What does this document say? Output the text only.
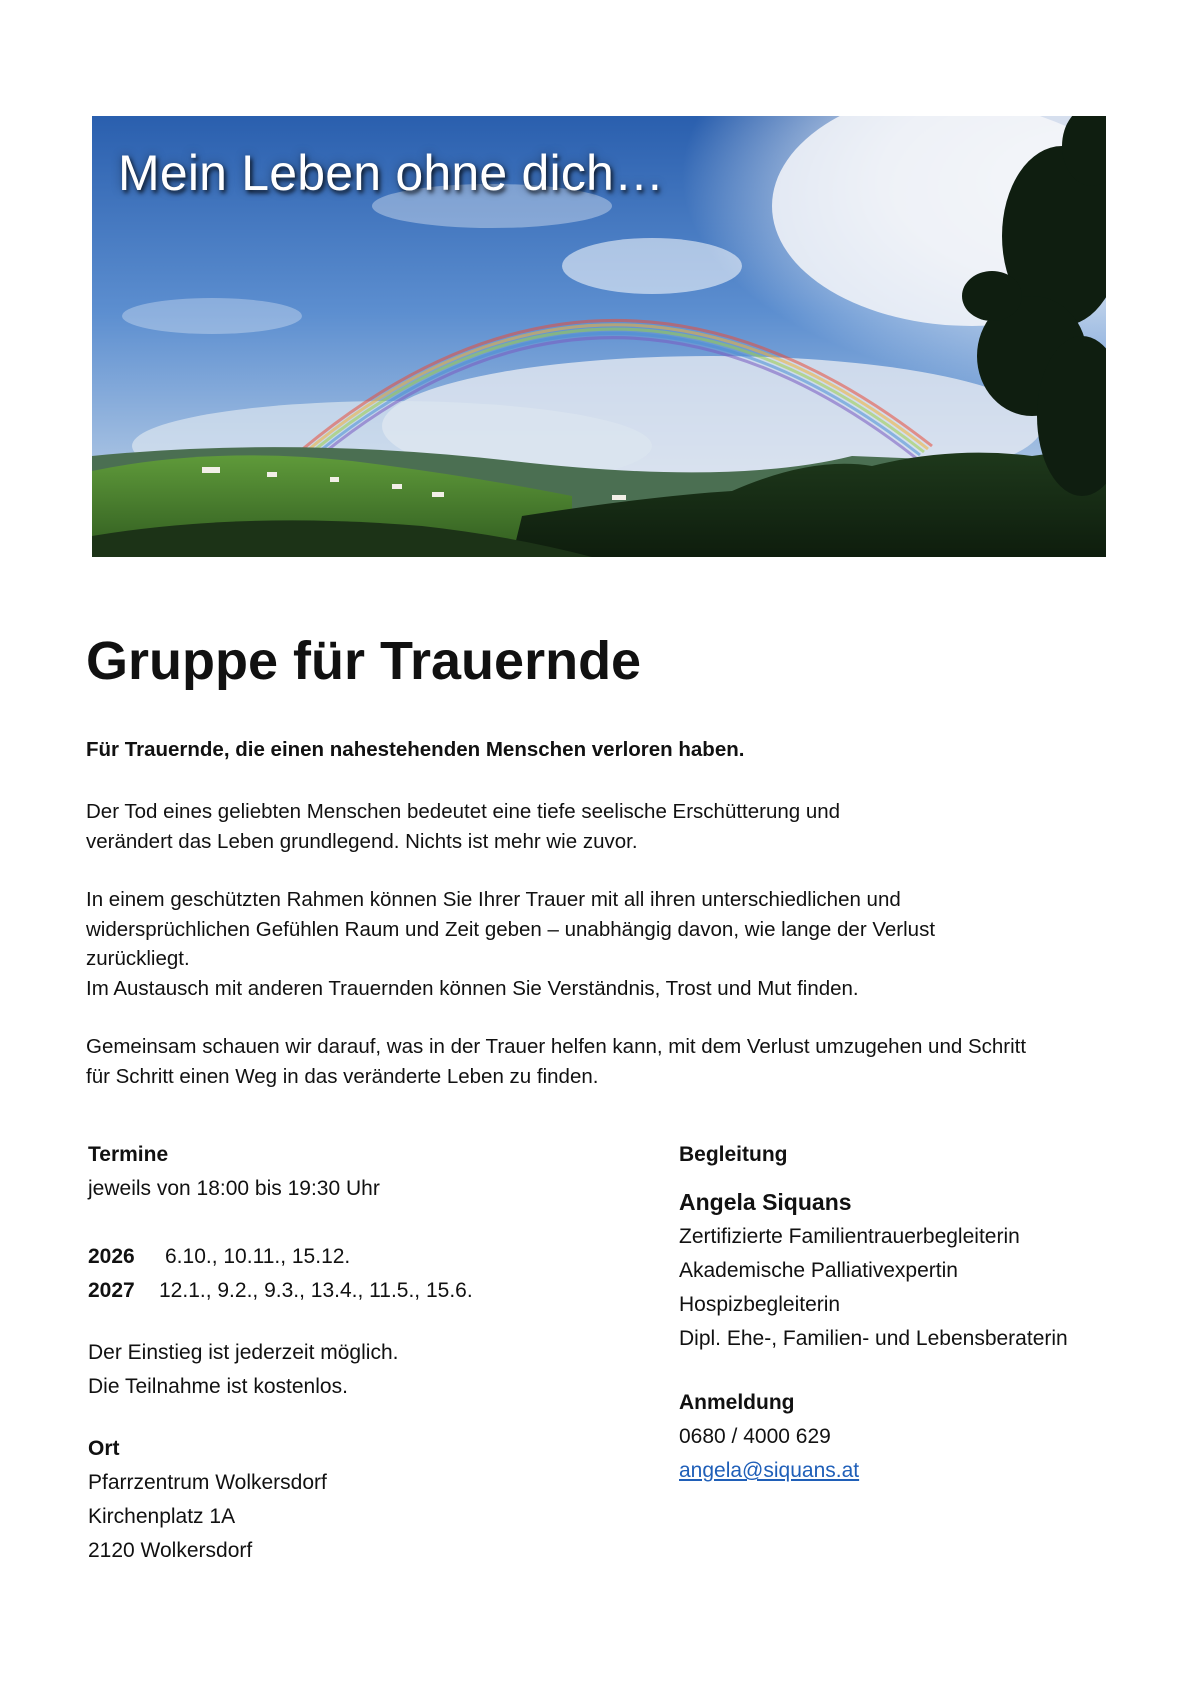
Mein Leben ohne dich…
Gruppe für Trauernde

Für Trauernde, die einen nahestehenden Menschen verloren haben.

Der Tod eines geliebten Menschen bedeutet eine tiefe seelische Erschütterung und
verändert das Leben grundlegend. Nichts ist mehr wie zuvor.

In einem geschützten Rahmen können Sie Ihrer Trauer mit all ihren unterschiedlichen und
widersprüchlichen Gefühlen Raum und Zeit geben – unabhängig davon, wie lange der Verlust
zurückliegt.
Im Austausch mit anderen Trauernden können Sie Verständnis, Trost und Mut finden.

Gemeinsam schauen wir darauf, was in der Trauer helfen kann, mit dem Verlust umzugehen und Schritt
für Schritt einen Weg in das veränderte Leben zu finden.

Termine
jeweils von 18:00 bis 19:30 Uhr
2026 6.10., 10.11., 15.12.
2027 12.1., 9.2., 9.3., 13.4., 11.5., 15.6.
Der Einstieg ist jederzeit möglich.
Die Teilnahme ist kostenlos.
Ort
Pfarrzentrum Wolkersdorf
Kirchenplatz 1A
2120 Wolkersdorf
Begleitung
Angela Siquans
Zertifizierte Familientrauerbegleiterin
Akademische Palliativexpertin
Hospizbegleiterin
Dipl. Ehe-, Familien- und Lebensberaterin
Anmeldung
0680 / 4000 629
angela@siquans.at
